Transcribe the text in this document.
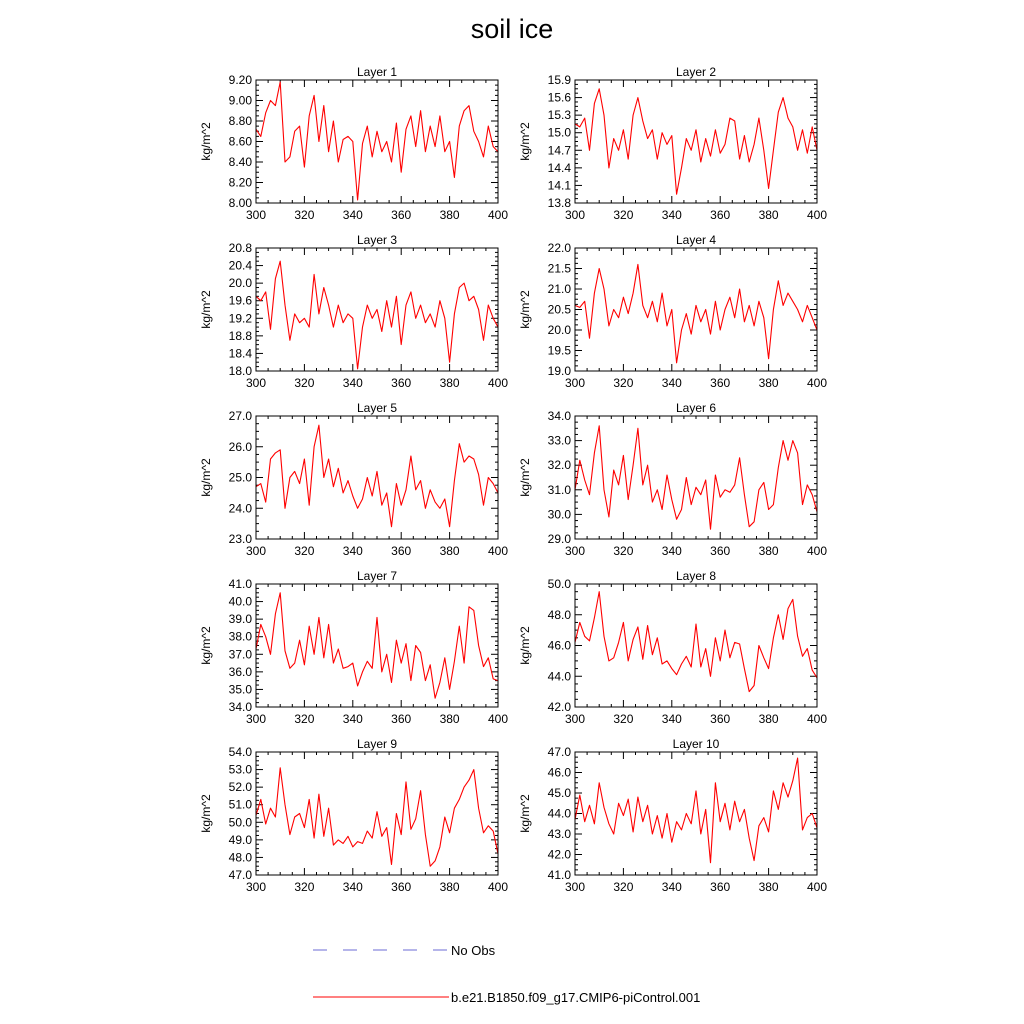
soil ice
Layer 1
kg/m^2
8.00
8.20
8.40
8.60
8.80
9.00
9.20
300 320 340 360 380 400
Layer 2
kg/m^2
13.8
14.1
14.4
14.7
15.0
15.3
15.6
15.9
300 320 340 360 380 400
Layer 3
kg/m^2
18.0
18.4
18.8
19.2
19.6
20.0
20.4
20.8
300 320 340 360 380 400
Layer 4
kg/m^2
19.0
19.5
20.0
20.5
21.0
21.5
22.0
300 320 340 360 380 400
Layer 5
kg/m^2
23.0
24.0
25.0
26.0
27.0
300 320 340 360 380 400
Layer 6
kg/m^2
29.0
30.0
31.0
32.0
33.0
34.0
300 320 340 360 380 400
Layer 7
kg/m^2
34.0
35.0
36.0
37.0
38.0
39.0
40.0
41.0
300 320 340 360 380 400
Layer 8
kg/m^2
42.0
44.0
46.0
48.0
50.0
300 320 340 360 380 400
Layer 9
kg/m^2
47.0
48.0
49.0
50.0
51.0
52.0
53.0
54.0
300 320 340 360 380 400
Layer 10
kg/m^2
41.0
42.0
43.0
44.0
45.0
46.0
47.0
300 320 340 360 380 400
No Obs
b.e21.B1850.f09_g17.CMIP6-piControl.001
